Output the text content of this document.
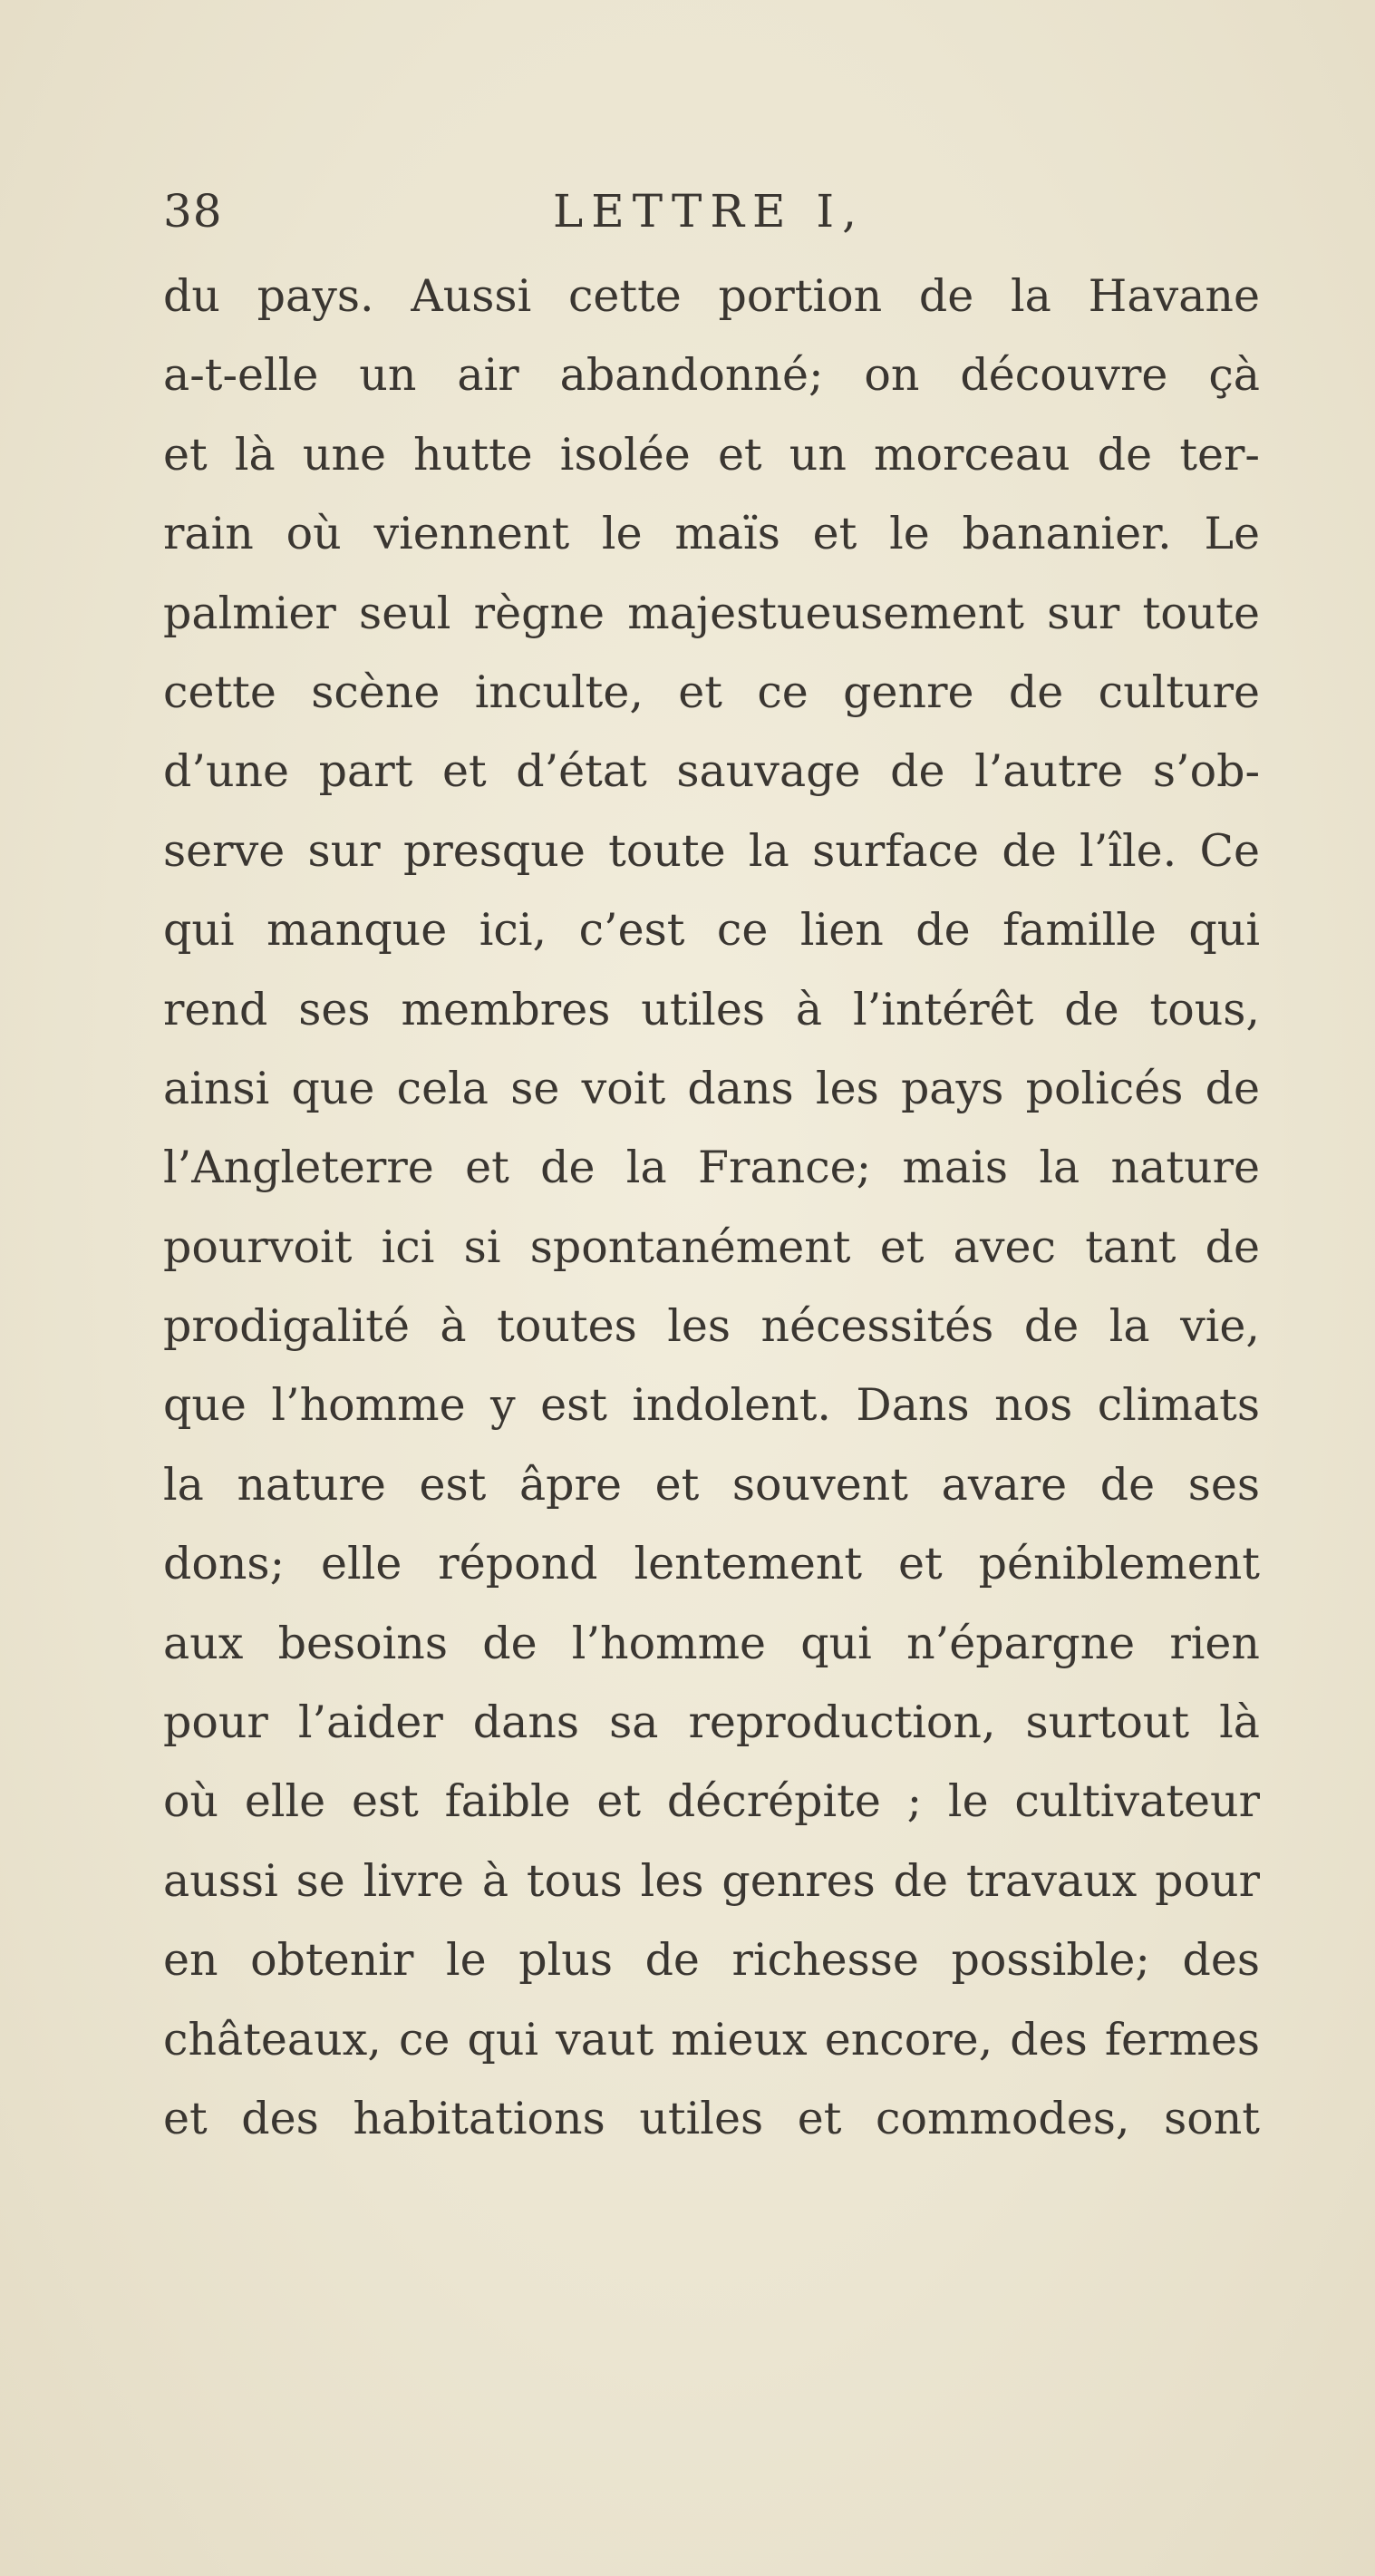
38	LETTRE I,
du pays. Aussi cette portion de la Havane
a-t-elle un air abandonné; on découvre çà
et là une hutte isolée et un morceau de ter-
rain où viennent le maïs et le bananier. Le
palmier seul règne majestueusement sur toute
cette scène inculte, et ce genre de culture
d’une part et d’état sauvage de l’autre s’ob-
serve sur presque toute la surface de l’île. Ce
qui manque ici, c’est ce lien de famille qui
rend ses membres utiles à l’intérêt de tous,
ainsi que cela se voit dans les pays policés de
l’Angleterre et de la France; mais la nature
pourvoit ici si spontanément et avec tant de
prodigalité à toutes les nécessités de la vie,
que l’homme y est indolent. Dans nos climats
la nature est âpre et souvent avare de ses
dons; elle répond lentement et péniblement
aux besoins de l’homme qui n’épargne rien
pour l’aider dans sa reproduction, surtout là
où elle est faible et décrépite ; le cultivateur
aussi se livre à tous les genres de travaux pour
en obtenir le plus de richesse possible; des
châteaux, ce qui vaut mieux encore, des fermes
et des habitations utiles et commodes, sont
